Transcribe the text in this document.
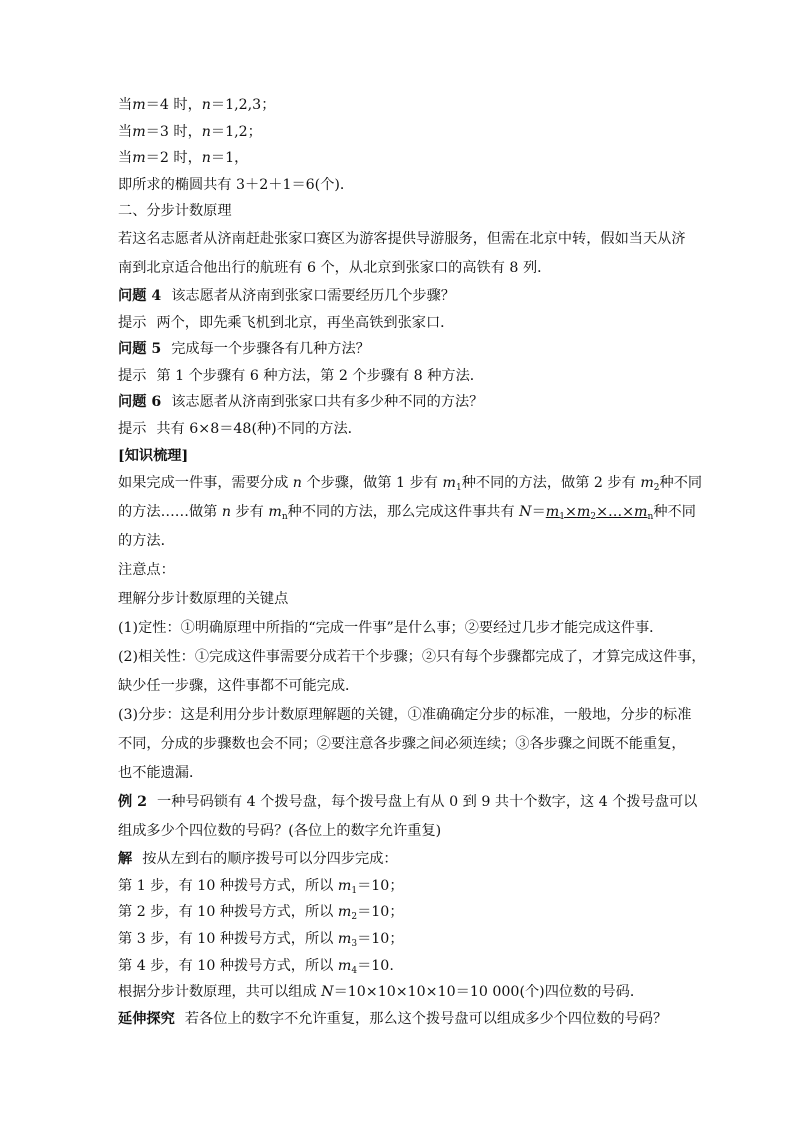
当m＝4 时，n＝1,2,3；
当m＝3 时，n＝1,2；
当m＝2 时，n＝1，
即所求的椭圆共有 3＋2＋1＝6(个)．
二、分步计数原理
若这名志愿者从济南赶赴张家口赛区为游客提供导游服务，但需在北京中转，假如当天从济
南到北京适合他出行的航班有 6 个，从北京到张家口的高铁有 8 列．
问题 4 该志愿者从济南到张家口需要经历几个步骤？
提示 两个，即先乘飞机到北京，再坐高铁到张家口．
问题 5 完成每一个步骤各有几种方法？
提示 第 1 个步骤有 6 种方法，第 2 个步骤有 8 种方法．
问题 6 该志愿者从济南到张家口共有多少种不同的方法？
提示 共有 6×8＝48(种)不同的方法．
[知识梳理]
如果完成一件事，需要分成 n 个步骤，做第 1 步有 $m_1$种不同的方法，做第 2 步有 $m_2$种不同
的方法……做第 n 步有 $m_n$种不同的方法，那么完成这件事共有 $N=m_1\times m_2\times\dots\times m_n$种不同
的方法．
注意点：
理解分步计数原理的关键点
(1)定性：①明确原理中所指的“完成一件事”是什么事；②要经过几步才能完成这件事．
(2)相关性：①完成这件事需要分成若干个步骤；②只有每个步骤都完成了，才算完成这件事，
缺少任一步骤，这件事都不可能完成．
(3)分步：这是利用分步计数原理解题的关键，①准确确定分步的标准，一般地，分步的标准
不同，分成的步骤数也会不同；②要注意各步骤之间必须连续；③各步骤之间既不能重复，
也不能遗漏．
例 2 一种号码锁有 4 个拨号盘，每个拨号盘上有从 0 到 9 共十个数字，这 4 个拨号盘可以
组成多少个四位数的号码？(各位上的数字允许重复)
解 按从左到右的顺序拨号可以分四步完成：
第 1 步，有 10 种拨号方式，所以 $m_1=10$；
第 2 步，有 10 种拨号方式，所以 $m_2=10$；
第 3 步，有 10 种拨号方式，所以 $m_3=10$；
第 4 步，有 10 种拨号方式，所以 $m_4=10$.
根据分步计数原理，共可以组成 N＝10×10×10×10＝10 000(个)四位数的号码．
延伸探究 若各位上的数字不允许重复，那么这个拨号盘可以组成多少个四位数的号码？
